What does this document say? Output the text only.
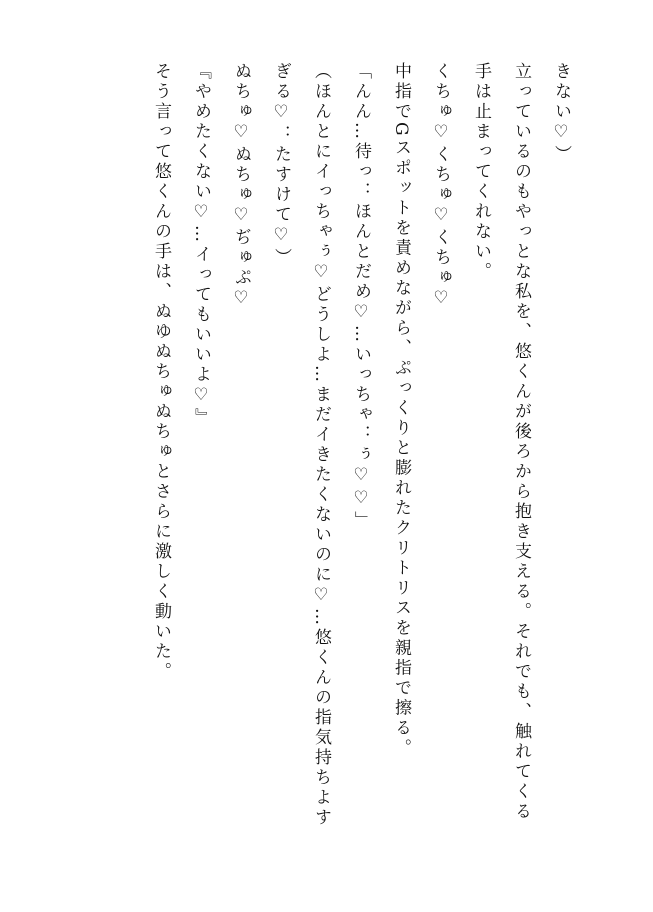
きない♡）
立っているのもやっとな私を、悠くんが後ろから抱き支える。それでも、触れてくる
手は止まってくれない。
くちゅ♡くちゅ♡くちゅ♡
中指でGスポットを責めながら、ぷっくりと膨れたクリトリスを親指で擦る。
「んん…待っ：ほんとだめ♡…いっちゃ：ぅ♡♡」
（ほんとにイっちゃぅ♡どうしよ…まだイきたくないのに♡…悠くんの指気持ちよす
ぎる♡：たすけて♡）
ぬちゅ♡ぬちゅ♡ぢゅぷ♡
『やめたくない♡…イってもいいよ♡』
そう言って悠くんの手は、ぬゆぬちゅぬちゅとさらに激しく動いた。
